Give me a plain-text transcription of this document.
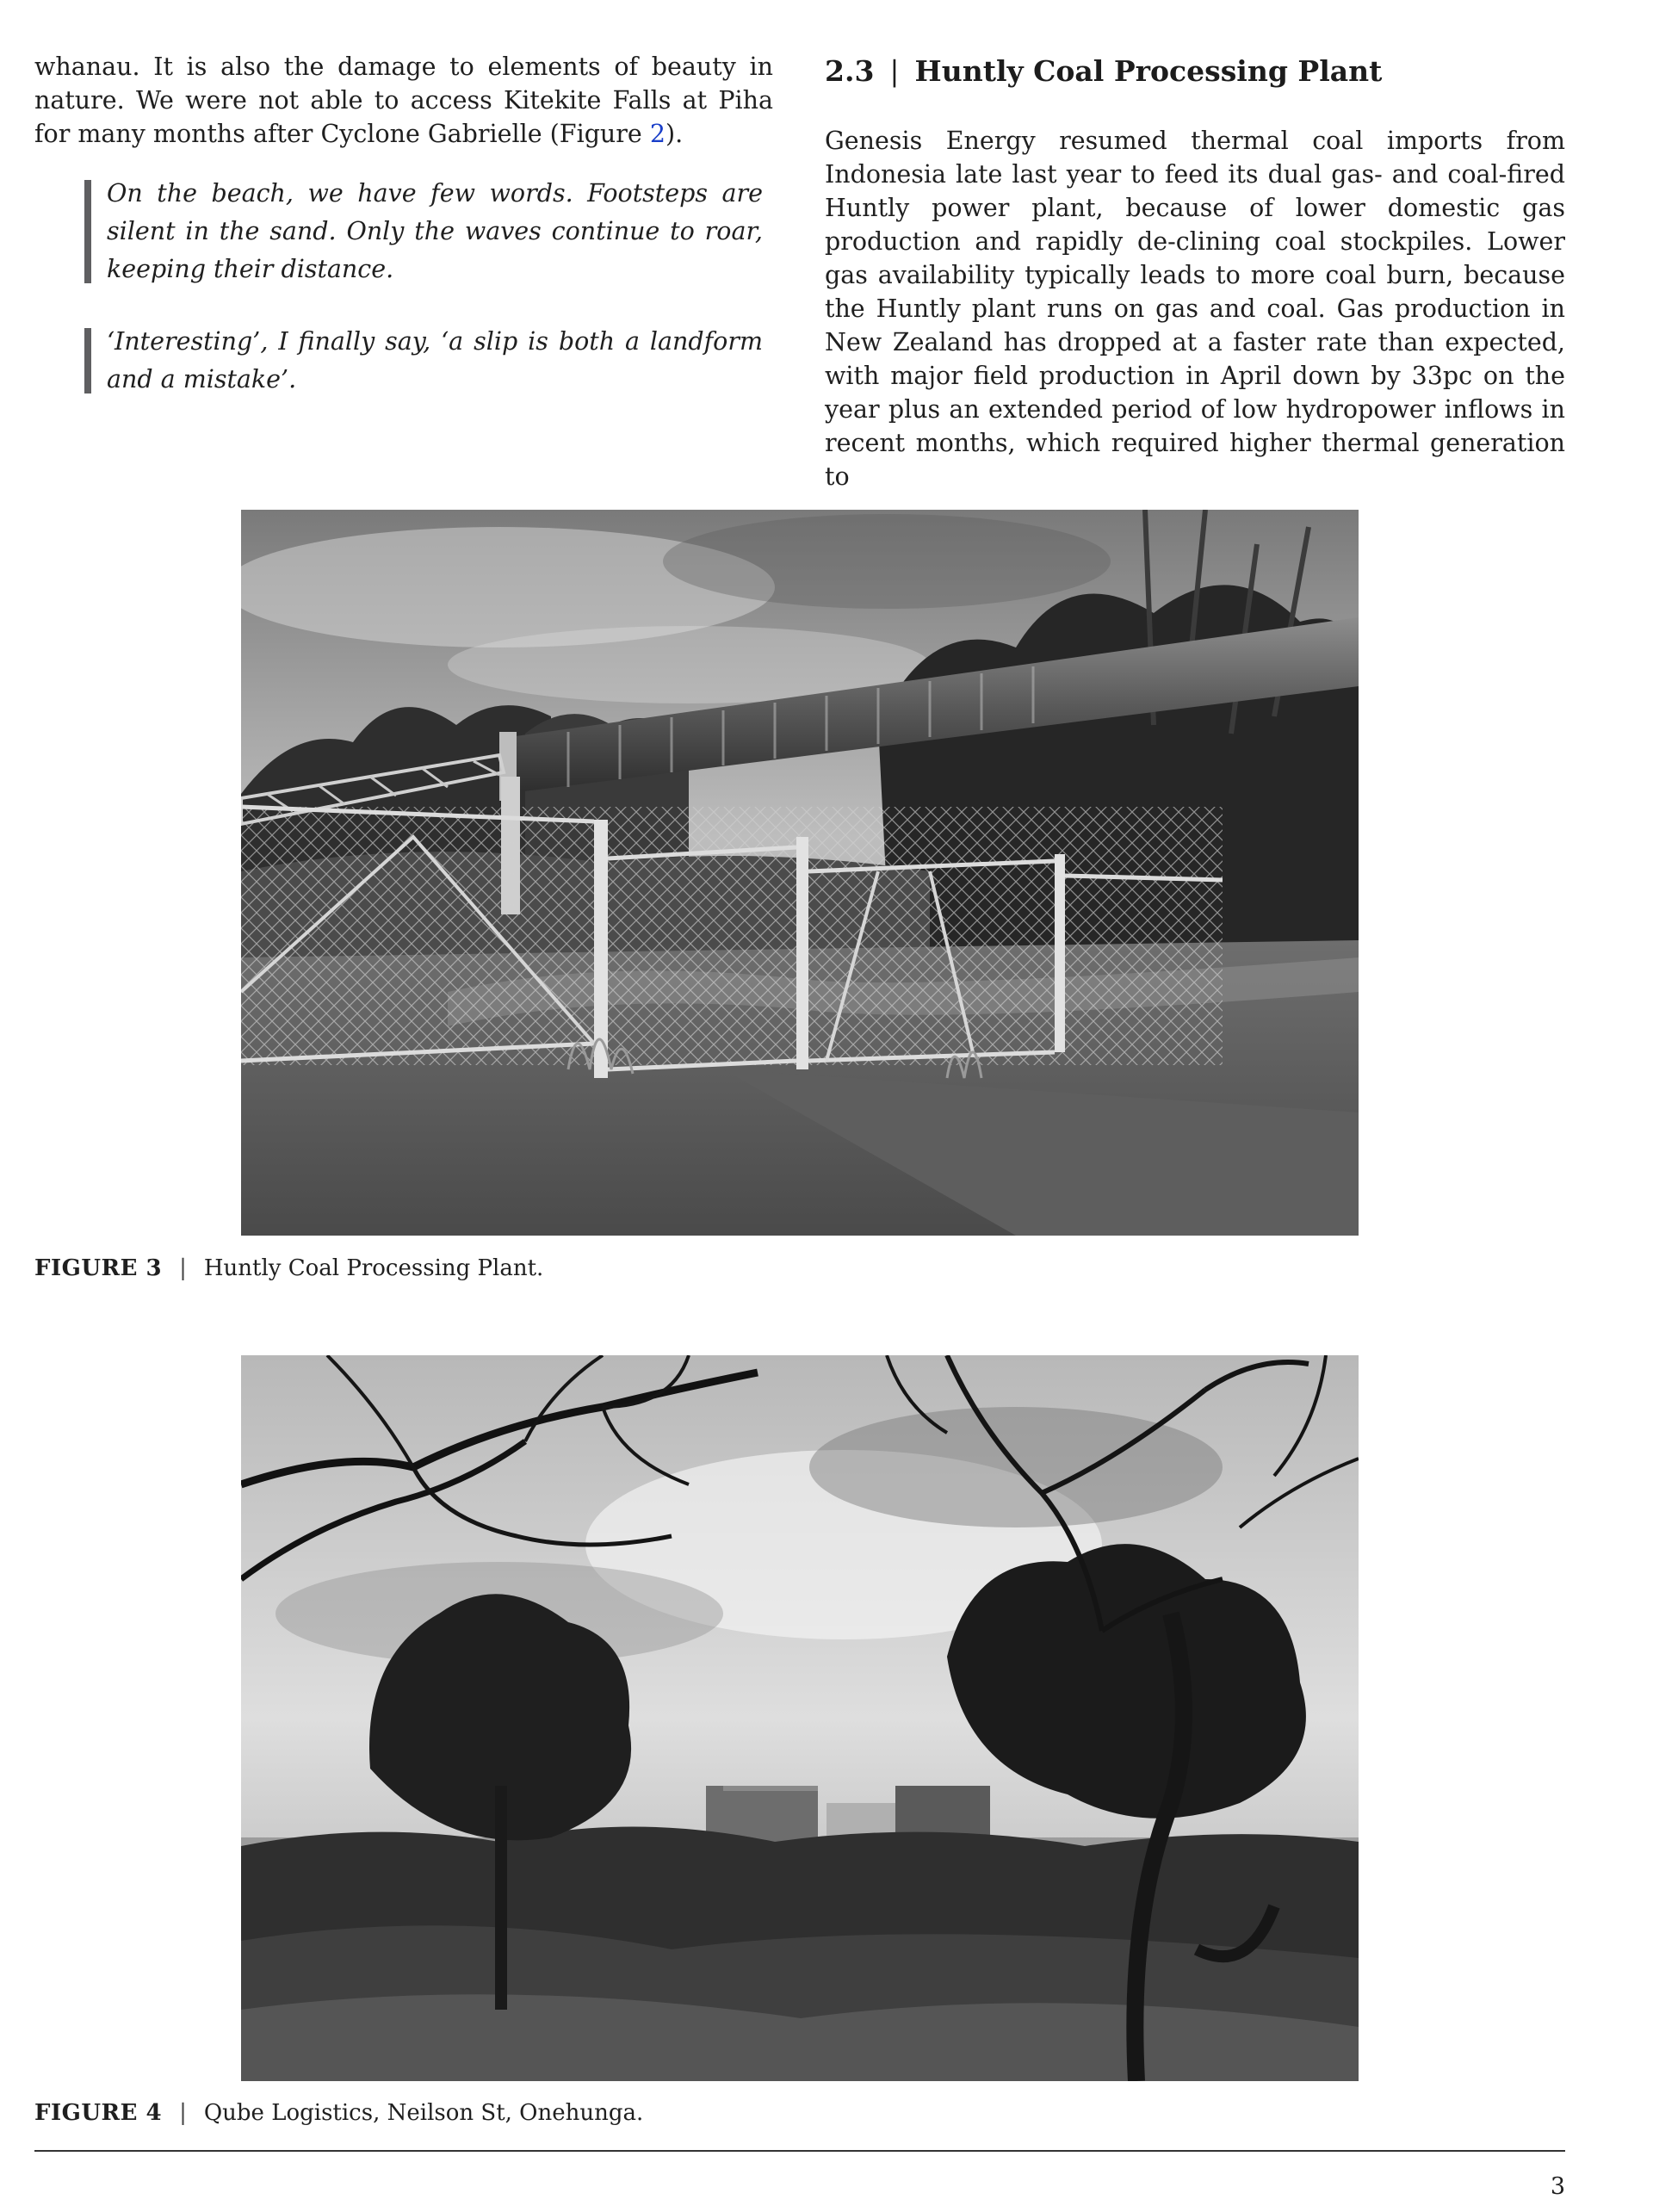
whanau. It is also the damage to elements of beauty in nature. We were not able to access Kitekite Falls at Piha for many months after Cyclone Gabrielle (Figure 2).

On the beach, we have few words. Footsteps are silent in the sand. Only the waves continue to roar, keeping their distance.
‘Interesting’, I finally say, ‘a slip is both a landform and a mistake’.
2.3 | Huntly Coal Processing Plant

Genesis Energy resumed thermal coal imports from Indonesia late last year to feed its dual gas- and coal-fired Huntly power plant, because of lower domestic gas production and rapidly de-clining coal stockpiles. Lower gas availability typically leads to more coal burn, because the Huntly plant runs on gas and coal. Gas production in New Zealand has dropped at a faster rate than expected, with major field production in April down by 33pc on the year plus an extended period of low hydropower inflows in recent months, which required higher thermal generation to

FIGURE 3 | Huntly Coal Processing Plant.
FIGURE 4 | Qube Logistics, Neilson St, Onehunga.
3
